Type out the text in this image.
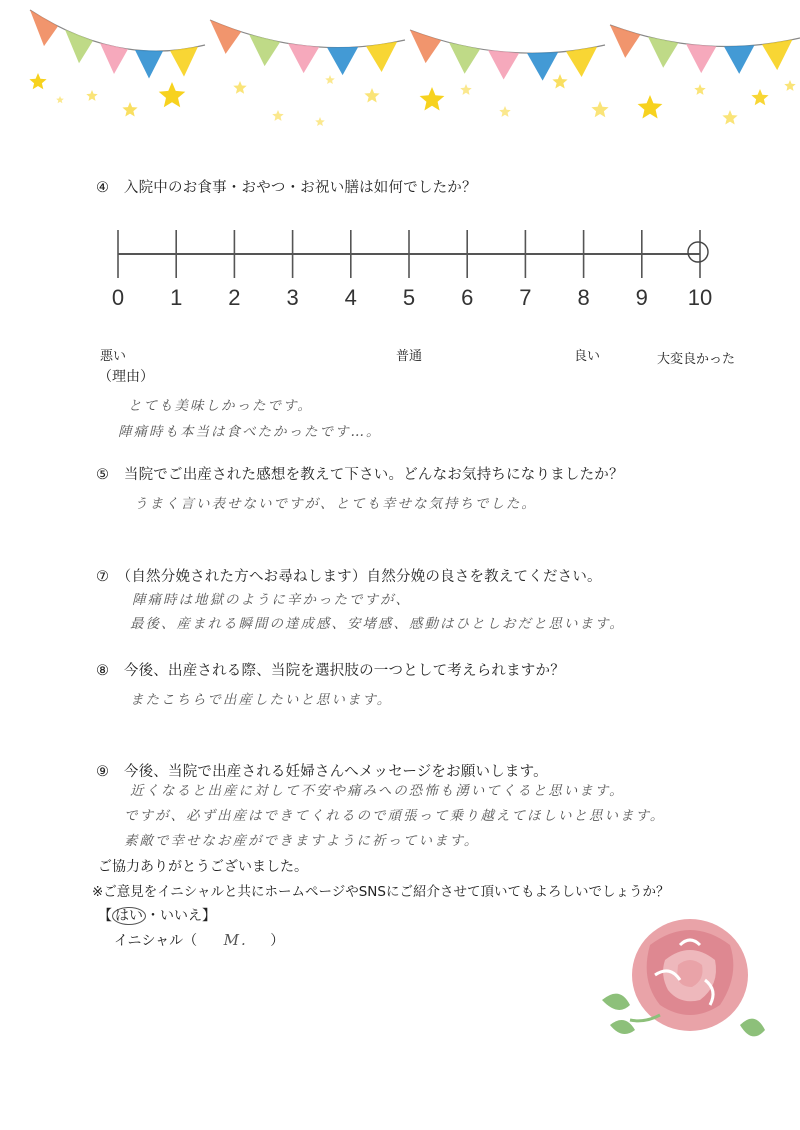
④　入院中のお食事・おやつ・お祝い膳は如何でしたか？
0 1 2 3 4 5 6 7 8 9 10
悪い	普通	良い	大変良かった
（理由）
とても美味しかったです。
陣痛時も本当は食べたかったです…。
⑤　当院でご出産された感想を教えて下さい。どんなお気持ちになりましたか？
うまく言い表せないですが、とても幸せな気持ちでした。
⑦　（自然分娩された方へお尋ねします）自然分娩の良さを教えてください。
陣痛時は地獄のように辛かったですが、
最後、産まれる瞬間の達成感、安堵感、感動はひとしおだと思います。
⑧　今後、出産される際、当院を選択肢の一つとして考えられますか？
またこちらで出産したいと思います。
⑨　今後、当院で出産される妊婦さんへメッセージをお願いします。
近くなると出産に対して不安や痛みへの恐怖も湧いてくると思います。
ですが、必ず出産はできてくれるので頑張って乗り越えてほしいと思います。
素敵で幸せなお産ができますように祈っています。
ご協力ありがとうございました。
※ご意見をイニシャルと共にホームページやSNSにご紹介させて頂いてもよろしいでしょうか？
【 はい ・いいえ】
イニシャル（ M. ）
